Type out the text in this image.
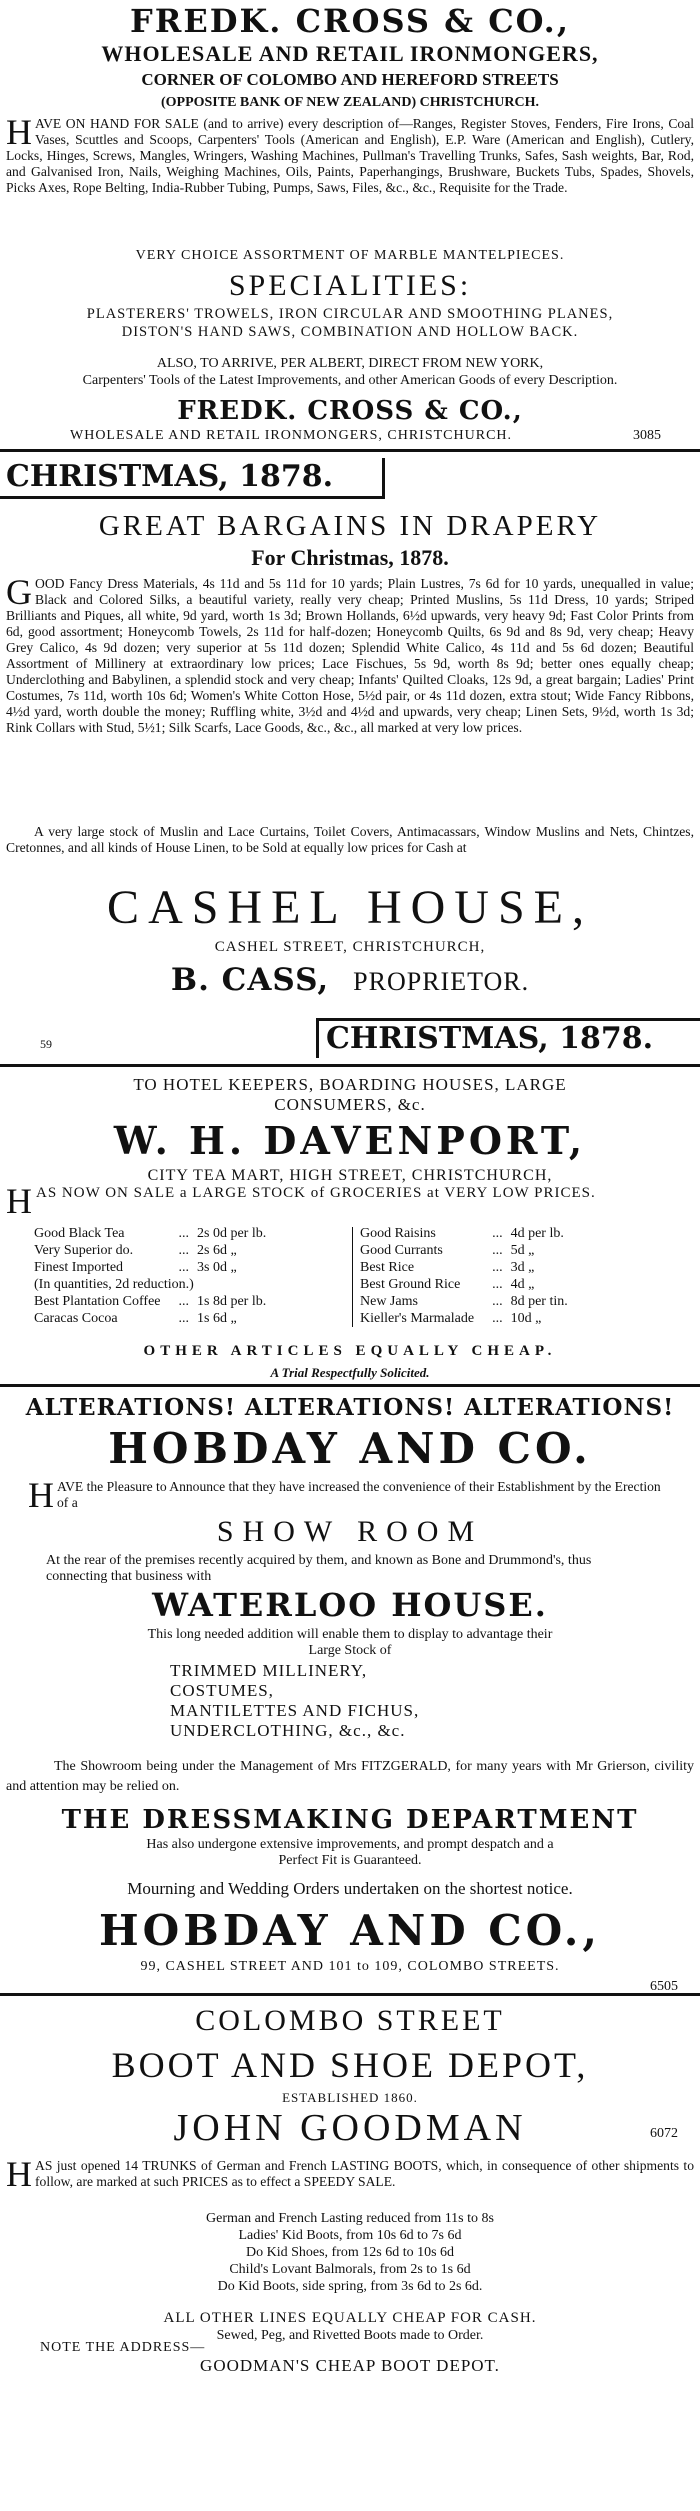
FREDK. CROSS & CO.,
WHOLESALE AND RETAIL IRONMONGERS,
CORNER OF COLOMBO AND HEREFORD STREETS
(OPPOSITE BANK OF NEW ZEALAND) CHRISTCHURCH.
HAVE ON HAND FOR SALE (and to arrive) every description of—Ranges, Register Stoves, Fenders, Fire Irons, Coal Vases, Scuttles and Scoops, Carpenters' Tools (American and English), E.P. Ware (American and English), Cutlery, Locks, Hinges, Screws, Mangles, Wringers, Washing Machines, Pullman's Travelling Trunks, Safes, Sash weights, Bar, Rod, and Galvanised Iron, Nails, Weighing Machines, Oils, Paints, Paperhangings, Brushware, Buckets Tubs, Spades, Shovels, Picks Axes, Rope Belting, India-Rubber Tubing, Pumps, Saws, Files, &c., &c., Requisite for the Trade.
VERY CHOICE ASSORTMENT OF MARBLE MANTELPIECES.
SPECIALITIES:
PLASTERERS' TROWELS, IRON CIRCULAR AND SMOOTHING PLANES,
DISTON'S HAND SAWS, COMBINATION AND HOLLOW BACK.
ALSO, TO ARRIVE, PER ALBERT, DIRECT FROM NEW YORK,
Carpenters' Tools of the Latest Improvements, and other American Goods of every Description.
FREDK. CROSS & CO.,
WHOLESALE AND RETAIL IRONMONGERS, CHRISTCHURCH.	3085
CHRISTMAS, 1878.
GREAT BARGAINS IN DRAPERY
For Christmas, 1878.
GOOD Fancy Dress Materials, 4s 11d and 5s 11d for 10 yards; Plain Lustres, 7s 6d for 10 yards, unequalled in value; Black and Colored Silks, a beautiful variety, really very cheap; Printed Muslins, 5s 11d Dress, 10 yards; Striped Brilliants and Piques, all white, 9d yard, worth 1s 3d; Brown Hollands, 6½d upwards, very heavy 9d; Fast Color Prints from 6d, good assortment; Honeycomb Towels, 2s 11d for half-dozen; Honeycomb Quilts, 6s 9d and 8s 9d, very cheap; Heavy Grey Calico, 4s 9d dozen; very superior at 5s 11d dozen; Splendid White Calico, 4s 11d and 5s 6d dozen; Beautiful Assortment of Millinery at extraordinary low prices; Lace Fischues, 5s 9d, worth 8s 9d; better ones equally cheap; Underclothing and Babylinen, a splendid stock and very cheap; Infants' Quilted Cloaks, 12s 9d, a great bargain; Ladies' Print Costumes, 7s 11d, worth 10s 6d; Women's White Cotton Hose, 5½d pair, or 4s 11d dozen, extra stout; Wide Fancy Ribbons, 4½d yard, worth double the money; Ruffling white, 3½d and 4½d and upwards, very cheap; Linen Sets, 9½d, worth 1s 3d; Rink Collars with Stud, 5½1; Silk Scarfs, Lace Goods, &c., &c., all marked at very low prices.
A very large stock of Muslin and Lace Curtains, Toilet Covers, Antimacassars, Window Muslins and Nets, Chintzes, Cretonnes, and all kinds of House Linen, to be Sold at equally low prices for Cash at
CASHEL HOUSE,
CASHEL STREET, CHRISTCHURCH,
B. CASS, PROPRIETOR.
59	CHRISTMAS, 1878.
TO HOTEL KEEPERS, BOARDING HOUSES, LARGE
CONSUMERS, &c.
W. H. DAVENPORT,
CITY TEA MART, HIGH STREET, CHRISTCHURCH,
HAS NOW ON SALE a LARGE STOCK of GROCERIES at VERY LOW PRICES.
Good Black Tea	...	2s 0d per lb.
Very Superior do.	...	2s 6d „
Finest Imported	...	3s 0d „
(In quantities, 2d reduction.)		
Best Plantation Coffee	...	1s 8d per lb.
Caracas Cocoa	...	1s 6d „
Good Raisins	...	4d per lb.
Good Currants	...	5d „
Best Rice	...	3d „
Best Ground Rice	...	4d „
New Jams	...	8d per tin.
Kieller's Marmalade	...	10d „
OTHER ARTICLES EQUALLY CHEAP.
A Trial Respectfully Solicited.
ALTERATIONS! ALTERATIONS! ALTERATIONS!
HOBDAY AND CO.
HAVE the Pleasure to Announce that they have increased the convenience of their Establishment by the Erection of a
SHOW ROOM
At the rear of the premises recently acquired by them, and known as Bone and Drummond's, thus connecting that business with
WATERLOO HOUSE.
This long needed addition will enable them to display to advantage their
Large Stock of
TRIMMED MILLINERY,
COSTUMES,
MANTILETTES AND FICHUS,
UNDERCLOTHING, &c., &c.
The Showroom being under the Management of Mrs FITZGERALD, for many years with Mr Grierson, civility and attention may be relied on.
THE DRESSMAKING DEPARTMENT
Has also undergone extensive improvements, and prompt despatch and a
Perfect Fit is Guaranteed.
Mourning and Wedding Orders undertaken on the shortest notice.
HOBDAY AND CO.,
99, CASHEL STREET AND 101 to 109, COLOMBO STREETS.
6505
COLOMBO STREET
BOOT AND SHOE DEPOT,
ESTABLISHED 1860.
JOHN GOODMAN	6072
HAS just opened 14 TRUNKS of German and French LASTING BOOTS, which, in consequence of other shipments to follow, are marked at such PRICES as to effect a SPEEDY SALE.
German and French Lasting reduced from 11s to 8s
Ladies' Kid Boots, from 10s 6d to 7s 6d
Do Kid Shoes, from 12s 6d to 10s 6d
Child's Lovant Balmorals, from 2s to 1s 6d
Do Kid Boots, side spring, from 3s 6d to 2s 6d.
ALL OTHER LINES EQUALLY CHEAP FOR CASH.
Sewed, Peg, and Rivetted Boots made to Order.
NOTE THE ADDRESS—
GOODMAN'S CHEAP BOOT DEPOT.
